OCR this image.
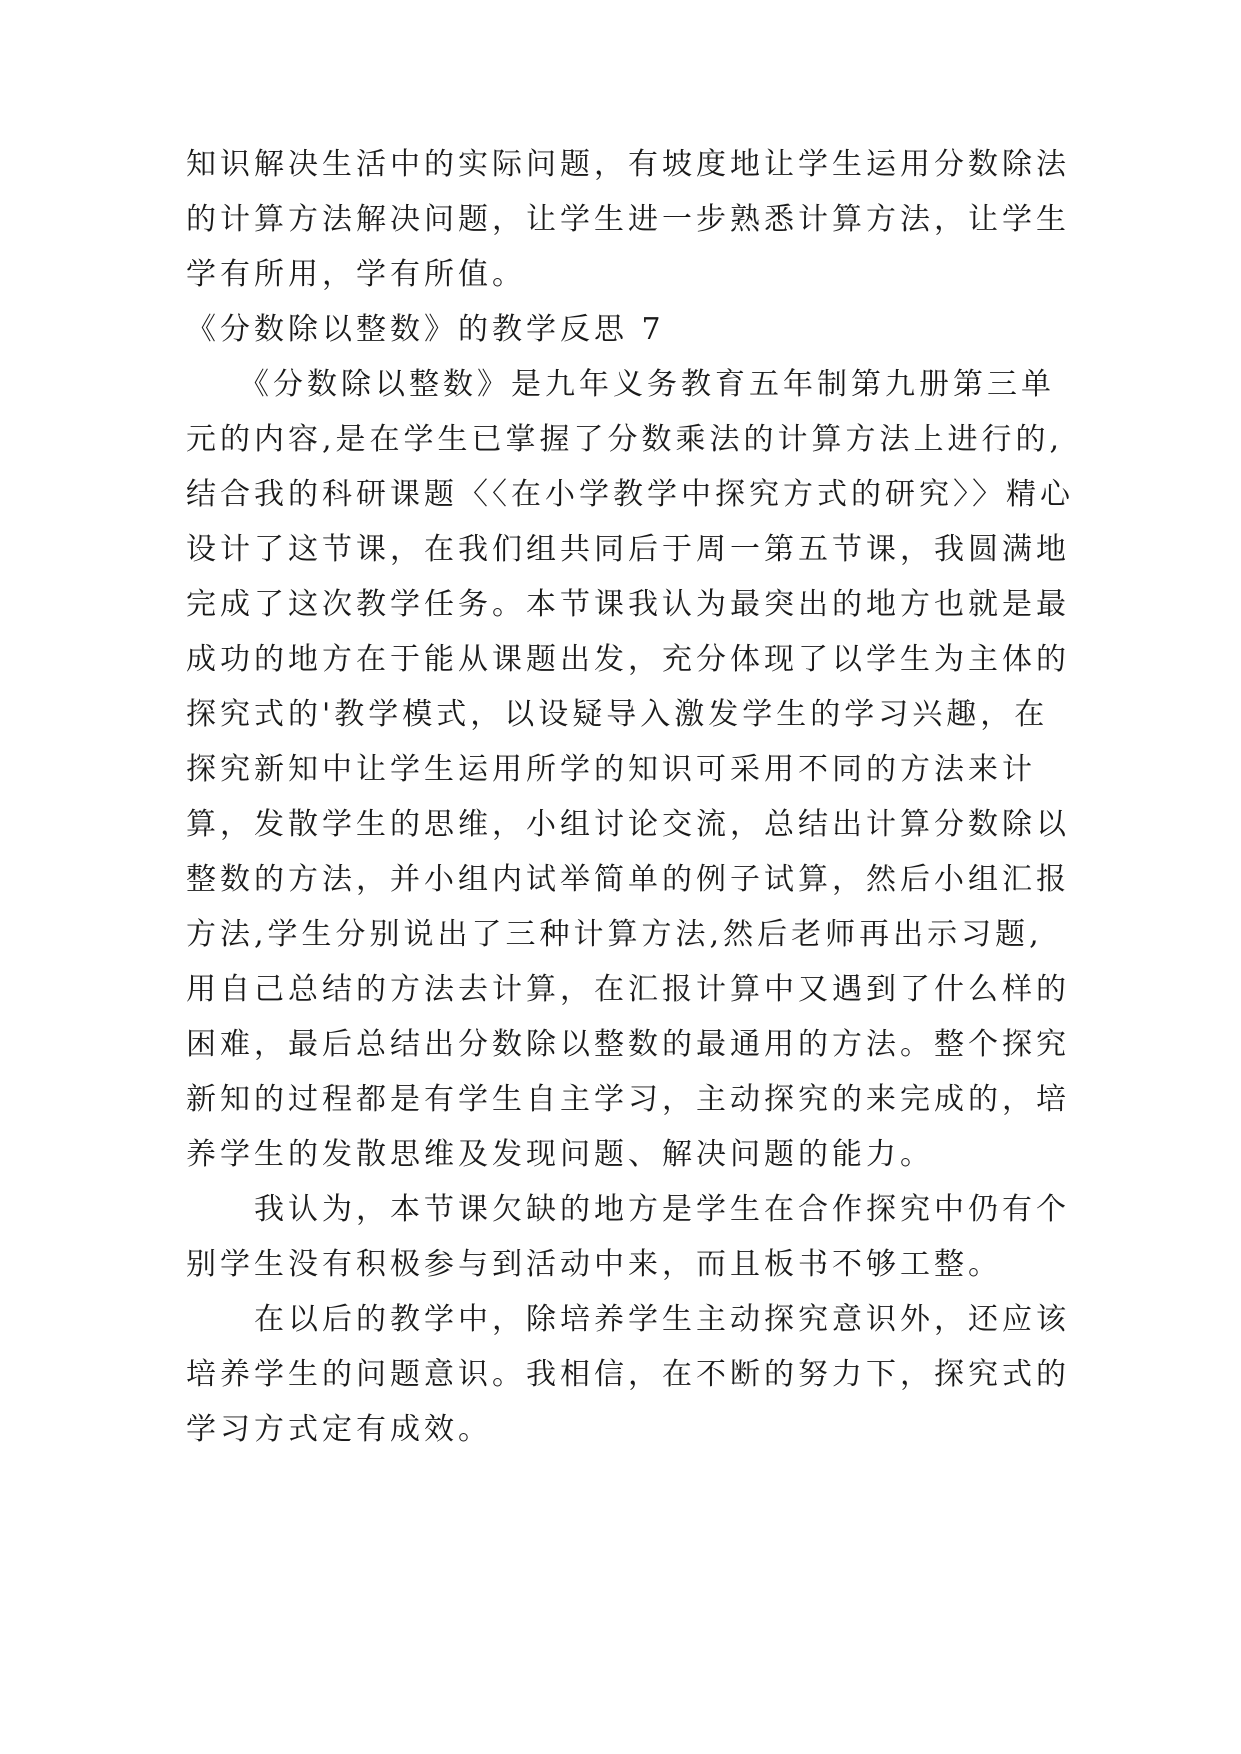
知识解决生活中的实际问题，有坡度地让学生运用分数除法
的计算方法解决问题，让学生进一步熟悉计算方法，让学生
学有所用，学有所值。
《分数除以整数》的教学反思 7
　　《分数除以整数》是九年义务教育五年制第九册第三单
元的内容,是在学生已掌握了分数乘法的计算方法上进行的,
结合我的科研课题〈〈在小学教学中探究方式的研究〉〉精心
设计了这节课，在我们组共同后于周一第五节课，我圆满地
完成了这次教学任务。本节课我认为最突出的地方也就是最
成功的地方在于能从课题出发，充分体现了以学生为主体的
探究式的'教学模式，以设疑导入激发学生的学习兴趣，在
探究新知中让学生运用所学的知识可采用不同的方法来计
算，发散学生的思维，小组讨论交流，总结出计算分数除以
整数的方法，并小组内试举简单的例子试算，然后小组汇报
方法,学生分别说出了三种计算方法,然后老师再出示习题,
用自己总结的方法去计算，在汇报计算中又遇到了什么样的
困难，最后总结出分数除以整数的最通用的方法。整个探究
新知的过程都是有学生自主学习，主动探究的来完成的，培
养学生的发散思维及发现问题、解决问题的能力。
　　我认为，本节课欠缺的地方是学生在合作探究中仍有个
别学生没有积极参与到活动中来，而且板书不够工整。
　　在以后的教学中，除培养学生主动探究意识外，还应该
培养学生的问题意识。我相信，在不断的努力下，探究式的
学习方式定有成效。
